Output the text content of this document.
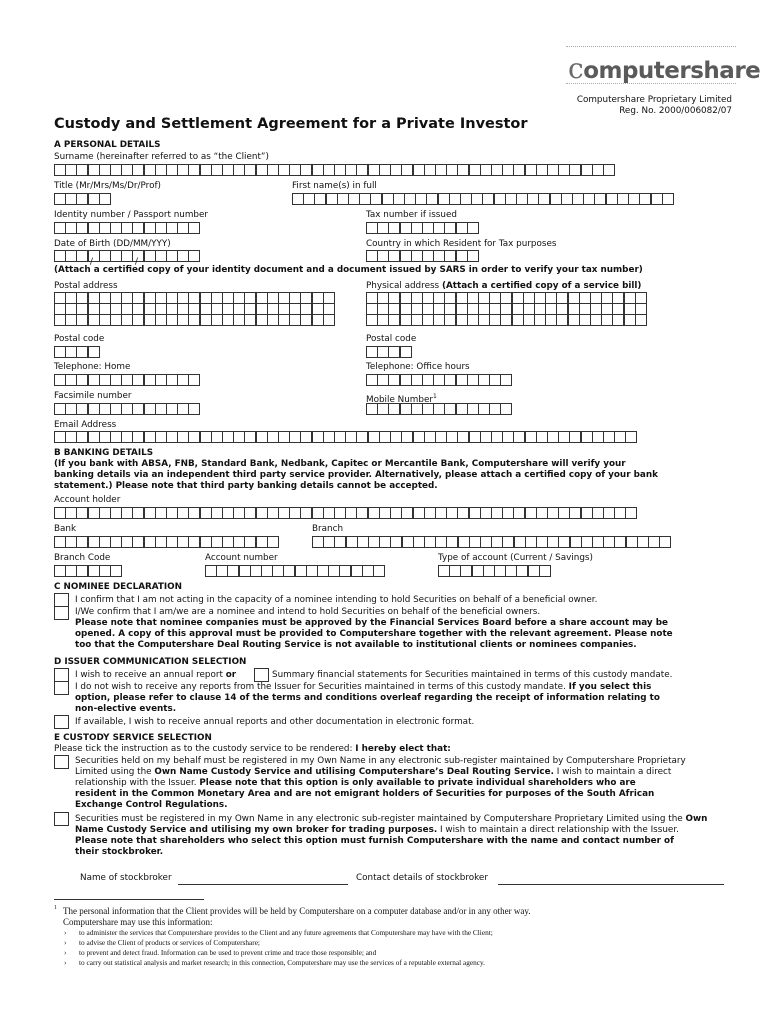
computershare
Computershare Proprietary Limited
Reg. No. 2000/006082/07
Custody and Settlement Agreement for a Private Investor
A PERSONAL DETAILS
Surname (hereinafter referred to as “the Client”)
Title (Mr/Mrs/Ms/Dr/Prof)	First name(s) in full
Identity number / Passport number	Tax number if issued
Date of Birth (DD/MM/YYY)	Country in which Resident for Tax purposes
/	/
(Attach a certified copy of your identity document and a document issued by SARS in order to verify your tax number)
Postal address	Physical address (Attach a certified copy of a service bill)
Postal code	Postal code
Telephone: Home	Telephone: Office hours
Facsimile number	Mobile Number$^1$
Email Address
B BANKING DETAILS
(If you bank with ABSA, FNB, Standard Bank, Nedbank, Capitec or Mercantile Bank, Computershare will verify your
banking details via an independent third party service provider. Alternatively, please attach a certified copy of your bank
statement.) Please note that third party banking details cannot be accepted.
Account holder
Bank	Branch
Branch Code	Account number	Type of account (Current / Savings)
C NOMINEE DECLARATION
I confirm that I am not acting in the capacity of a nominee intending to hold Securities on behalf of a beneficial owner.
I/We confirm that I am/we are a nominee and intend to hold Securities on behalf of the beneficial owners.
Please note that nominee companies must be approved by the Financial Services Board before a share account may be
opened. A copy of this approval must be provided to Computershare together with the relevant agreement. Please note
too that the Computershare Deal Routing Service is not available to institutional clients or nominees companies.
D ISSUER COMMUNICATION SELECTION
I wish to receive an annual report or	Summary financial statements for Securities maintained in terms of this custody mandate.
I do not wish to receive any reports from the Issuer for Securities maintained in terms of this custody mandate. If you select this
option, please refer to clause 14 of the terms and conditions overleaf regarding the receipt of information relating to
non-elective events.
If available, I wish to receive annual reports and other documentation in electronic format.
E CUSTODY SERVICE SELECTION
Please tick the instruction as to the custody service to be rendered: I hereby elect that:
Securities held on my behalf must be registered in my Own Name in any electronic sub-register maintained by Computershare Proprietary
Limited using the Own Name Custody Service and utilising Computershare’s Deal Routing Service. I wish to maintain a direct
relationship with the Issuer. Please note that this option is only available to private individual shareholders who are
resident in the Common Monetary Area and are not emigrant holders of Securities for purposes of the South African
Exchange Control Regulations.
Securities must be registered in my Own Name in any electronic sub-register maintained by Computershare Proprietary Limited using the Own
Name Custody Service and utilising my own broker for trading purposes. I wish to maintain a direct relationship with the Issuer.
Please note that shareholders who select this option must furnish Computershare with the name and contact number of
their stockbroker.
Name of stockbroker	Contact details of stockbroker
1 The personal information that the Client provides will be held by Computershare on a computer database and/or in any other way.
Computershare may use this information:
› to administer the services that Computershare provides to the Client and any future agreements that Computershare may have with the Client;
› to advise the Client of products or services of Computershare;
› to prevent and detect fraud. Information can be used to prevent crime and trace those responsible; and
› to carry out statistical analysis and market research; in this connection, Computershare may use the services of a reputable external agency.
